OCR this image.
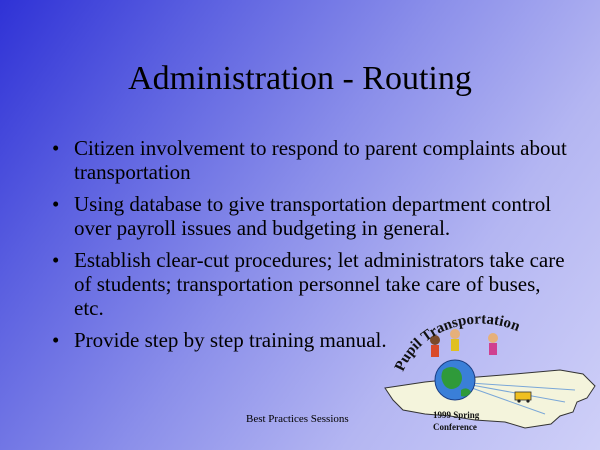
Administration - Routing
• Citizen involvement to respond to parent complaints about transportation
• Using database to give transportation department control over payroll issues and budgeting in general.
• Establish clear-cut procedures; let administrators take care of students; transportation personnel take care of buses, etc.
• Provide step by step training manual.
Pupil Transportation
1999 Spring
Conference
Best Practices Sessions
